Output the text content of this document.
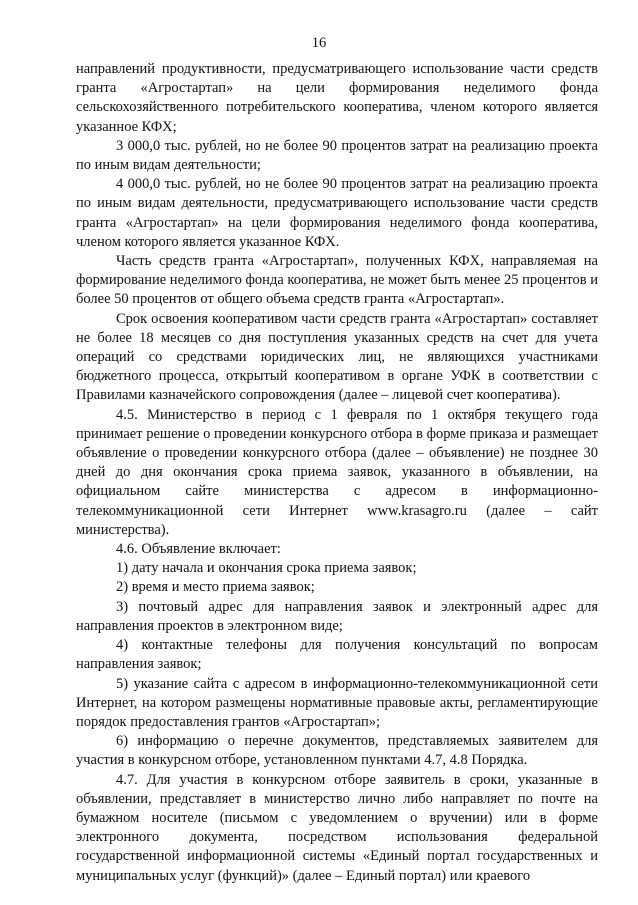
16

направлений продуктивности, предусматривающего использование части средств гранта «Агростартап» на цели формирования неделимого фонда сельскохозяйственного потребительского кооператива, членом которого является указанное КФХ;

3 000,0 тыс. рублей, но не более 90 процентов затрат на реализацию проекта по иным видам деятельности;

4 000,0 тыс. рублей, но не более 90 процентов затрат на реализацию проекта по иным видам деятельности, предусматривающего использование части средств гранта «Агростартап» на цели формирования неделимого фонда кооператива, членом которого является указанное КФХ.

Часть средств гранта «Агростартап», полученных КФХ, направляемая на формирование неделимого фонда кооператива, не может быть менее 25 процентов и более 50 процентов от общего объема средств гранта «Агростартап».

Срок освоения кооперативом части средств гранта «Агростартап» составляет не более 18 месяцев со дня поступления указанных средств на счет для учета операций со средствами юридических лиц, не являющихся участниками бюджетного процесса, открытый кооперативом в органе УФК в соответствии с Правилами казначейского сопровождения (далее – лицевой счет кооператива).

4.5. Министерство в период с 1 февраля по 1 октября текущего года принимает решение о проведении конкурсного отбора в форме приказа и размещает объявление о проведении конкурсного отбора (далее – объявление) не позднее 30 дней до дня окончания срока приема заявок, указанного в объявлении, на официальном сайте министерства с адресом в информационно-телекоммуникационной сети Интернет www.krasagro.ru (далее – сайт министерства).

4.6. Объявление включает:

1) дату начала и окончания срока приема заявок;

2) время и место приема заявок;

3) почтовый адрес для направления заявок и электронный адрес для направления проектов в электронном виде;

4) контактные телефоны для получения консультаций по вопросам направления заявок;

5) указание сайта с адресом в информационно-телекоммуникационной сети Интернет, на котором размещены нормативные правовые акты, регламентирующие порядок предоставления грантов «Агростартап»;

6) информацию о перечне документов, представляемых заявителем для участия в конкурсном отборе, установленном пунктами 4.7, 4.8 Порядка.

4.7. Для участия в конкурсном отборе заявитель в сроки, указанные в объявлении, представляет в министерство лично либо направляет по почте на бумажном носителе (письмом с уведомлением о вручении) или в форме электронного документа, посредством использования федеральной государственной информационной системы «Единый портал государственных и муниципальных услуг (функций)» (далее – Единый портал) или краевого
